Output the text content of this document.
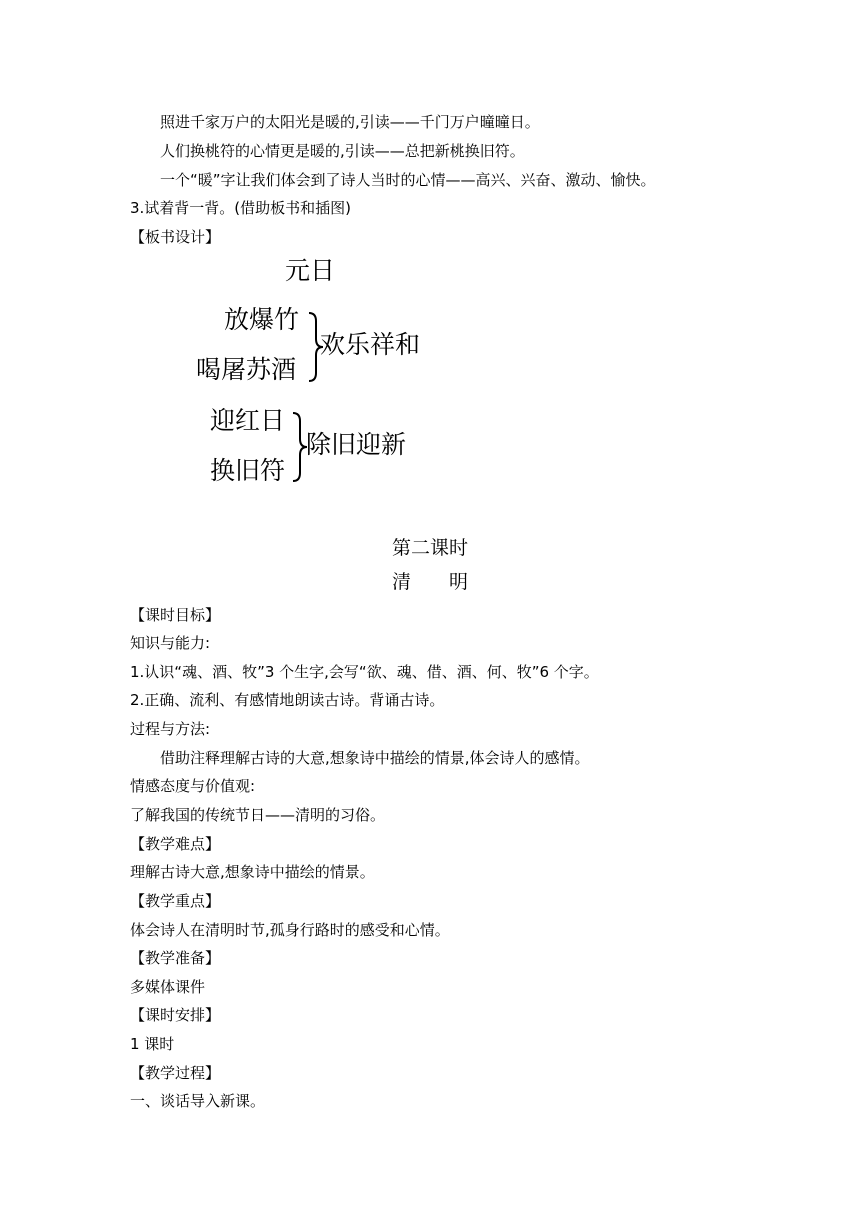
照进千家万户的太阳光是暖的,引读——千门万户曈曈日。

人们换桃符的心情更是暖的,引读——总把新桃换旧符。

一个“暖”字让我们体会到了诗人当时的心情——高兴、兴奋、激动、愉快。

3.试着背一背。(借助板书和插图)

【板书设计】

元日
放爆竹
喝屠苏酒
欢乐祥和
迎红日
换旧符
除旧迎新
第二课时
清　　明

【课时目标】

知识与能力:

1.认识“魂、酒、牧”3 个生字,会写“欲、魂、借、酒、何、牧”6 个字。

2.正确、流利、有感情地朗读古诗。背诵古诗。

过程与方法:

借助注释理解古诗的大意,想象诗中描绘的情景,体会诗人的感情。

情感态度与价值观:

了解我国的传统节日——清明的习俗。

【教学难点】

理解古诗大意,想象诗中描绘的情景。

【教学重点】

体会诗人在清明时节,孤身行路时的感受和心情。

【教学准备】

多媒体课件

【课时安排】

1 课时

【教学过程】

一、谈话导入新课。
